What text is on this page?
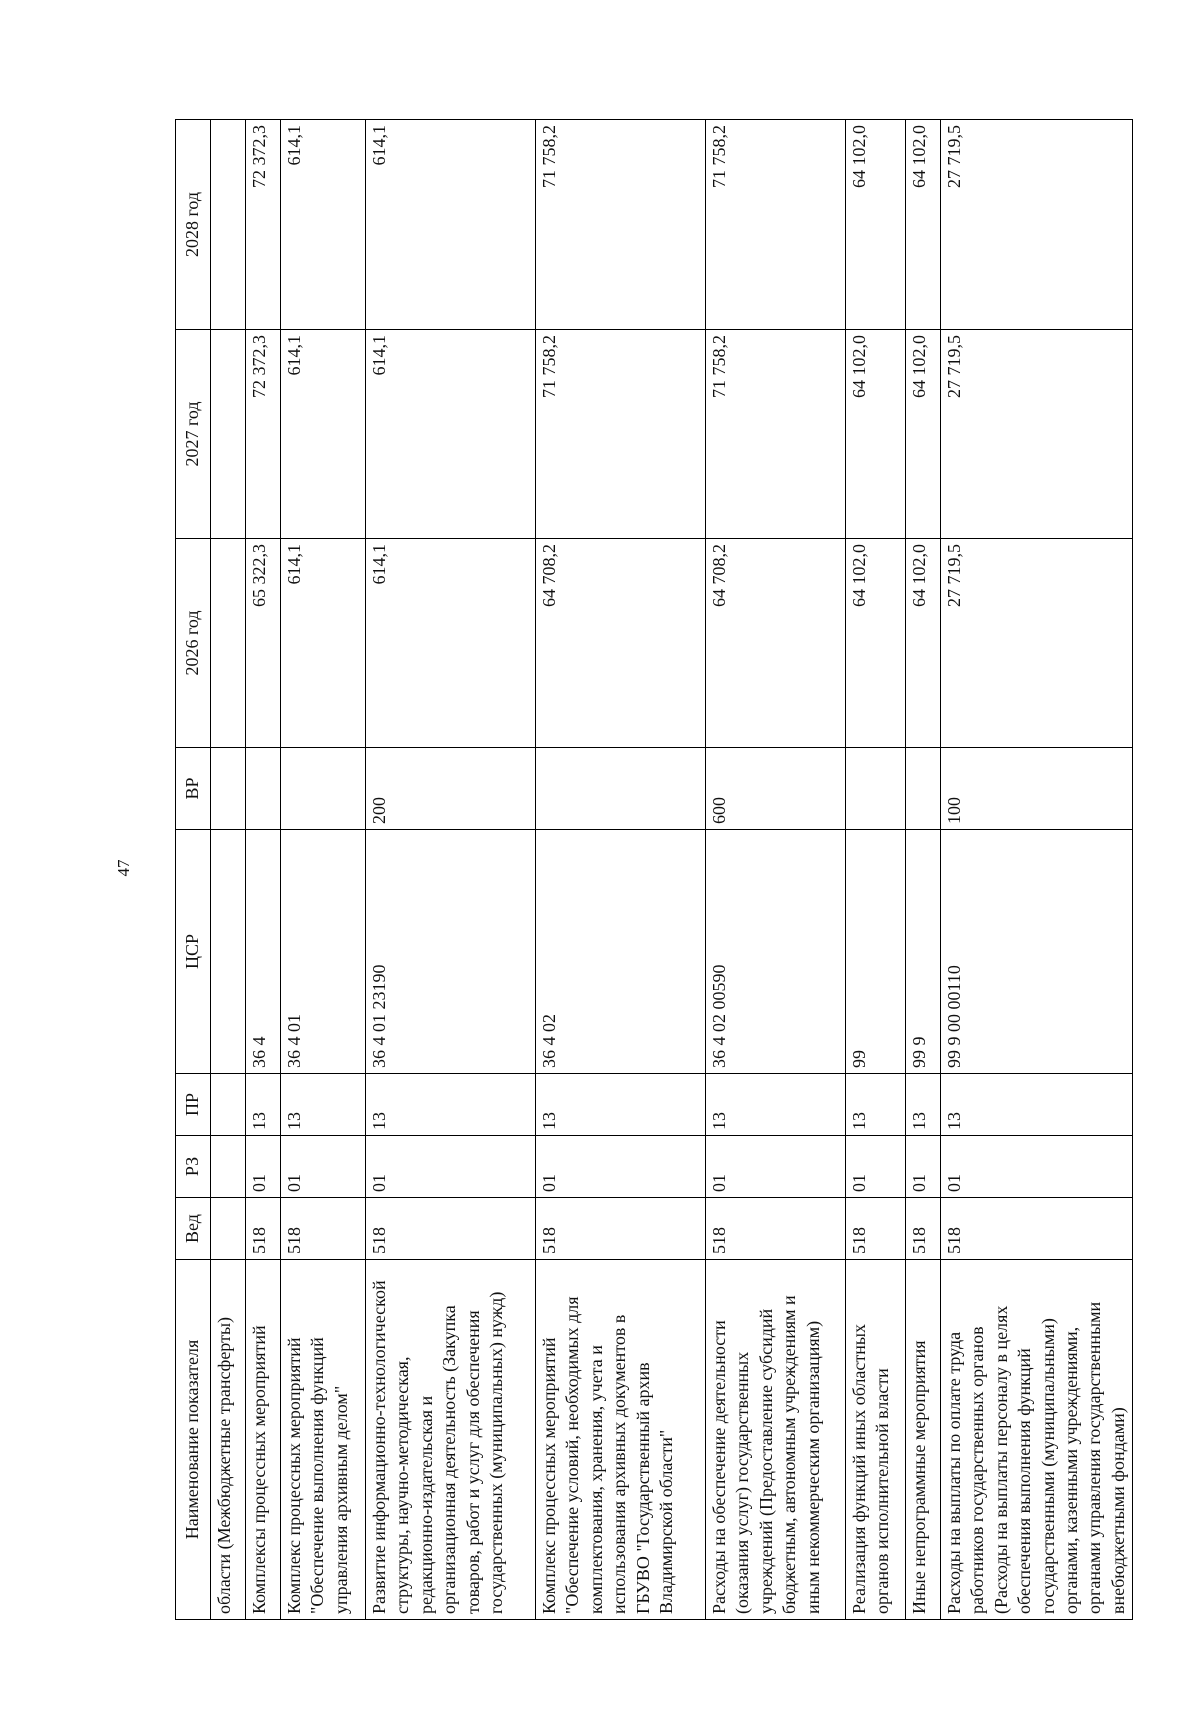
47
Наименование показателя	Вед	РЗ	ПР	ЦСР	ВР	2026 год	2027 год	2028 год
области (Межбюджетные трансферты)								
Комплексы процессных мероприятий	518	01	13	36 4		65 322,3	72 372,3	72 372,3
Комплекс процессных мероприятий "Обеспечение выполнения функций управления архивным делом"	518	01	13	36 4 01		614,1	614,1	614,1
Развитие информационно-технологической структуры, научно-методическая, редакционно-издательская и организационная деятельность (Закупка товаров, работ и услуг для обеспечения государственных (муниципальных) нужд)	518	01	13	36 4 01 23190	200	614,1	614,1	614,1
Комплекс процессных мероприятий "Обеспечение условий, необходимых для комплектования, хранения, учета и использования архивных документов в ГБУВО "Государственный архив Владимирской области"	518	01	13	36 4 02		64 708,2	71 758,2	71 758,2
Расходы на обеспечение деятельности (оказания услуг) государственных учреждений (Предоставление субсидий бюджетным, автономным учреждениям и иным некоммерческим организациям)	518	01	13	36 4 02 00590	600	64 708,2	71 758,2	71 758,2
Реализация функций иных областных органов исполнительной власти	518	01	13	99		64 102,0	64 102,0	64 102,0
Иные непрограммные мероприятия	518	01	13	99 9		64 102,0	64 102,0	64 102,0
Расходы на выплаты по оплате труда работников государственных органов (Расходы на выплаты персоналу в целях обеспечения выполнения функций государственными (муниципальными) органами, казенными учреждениями, органами управления государственными внебюджетными фондами)	518	01	13	99 9 00 00110	100	27 719,5	27 719,5	27 719,5
